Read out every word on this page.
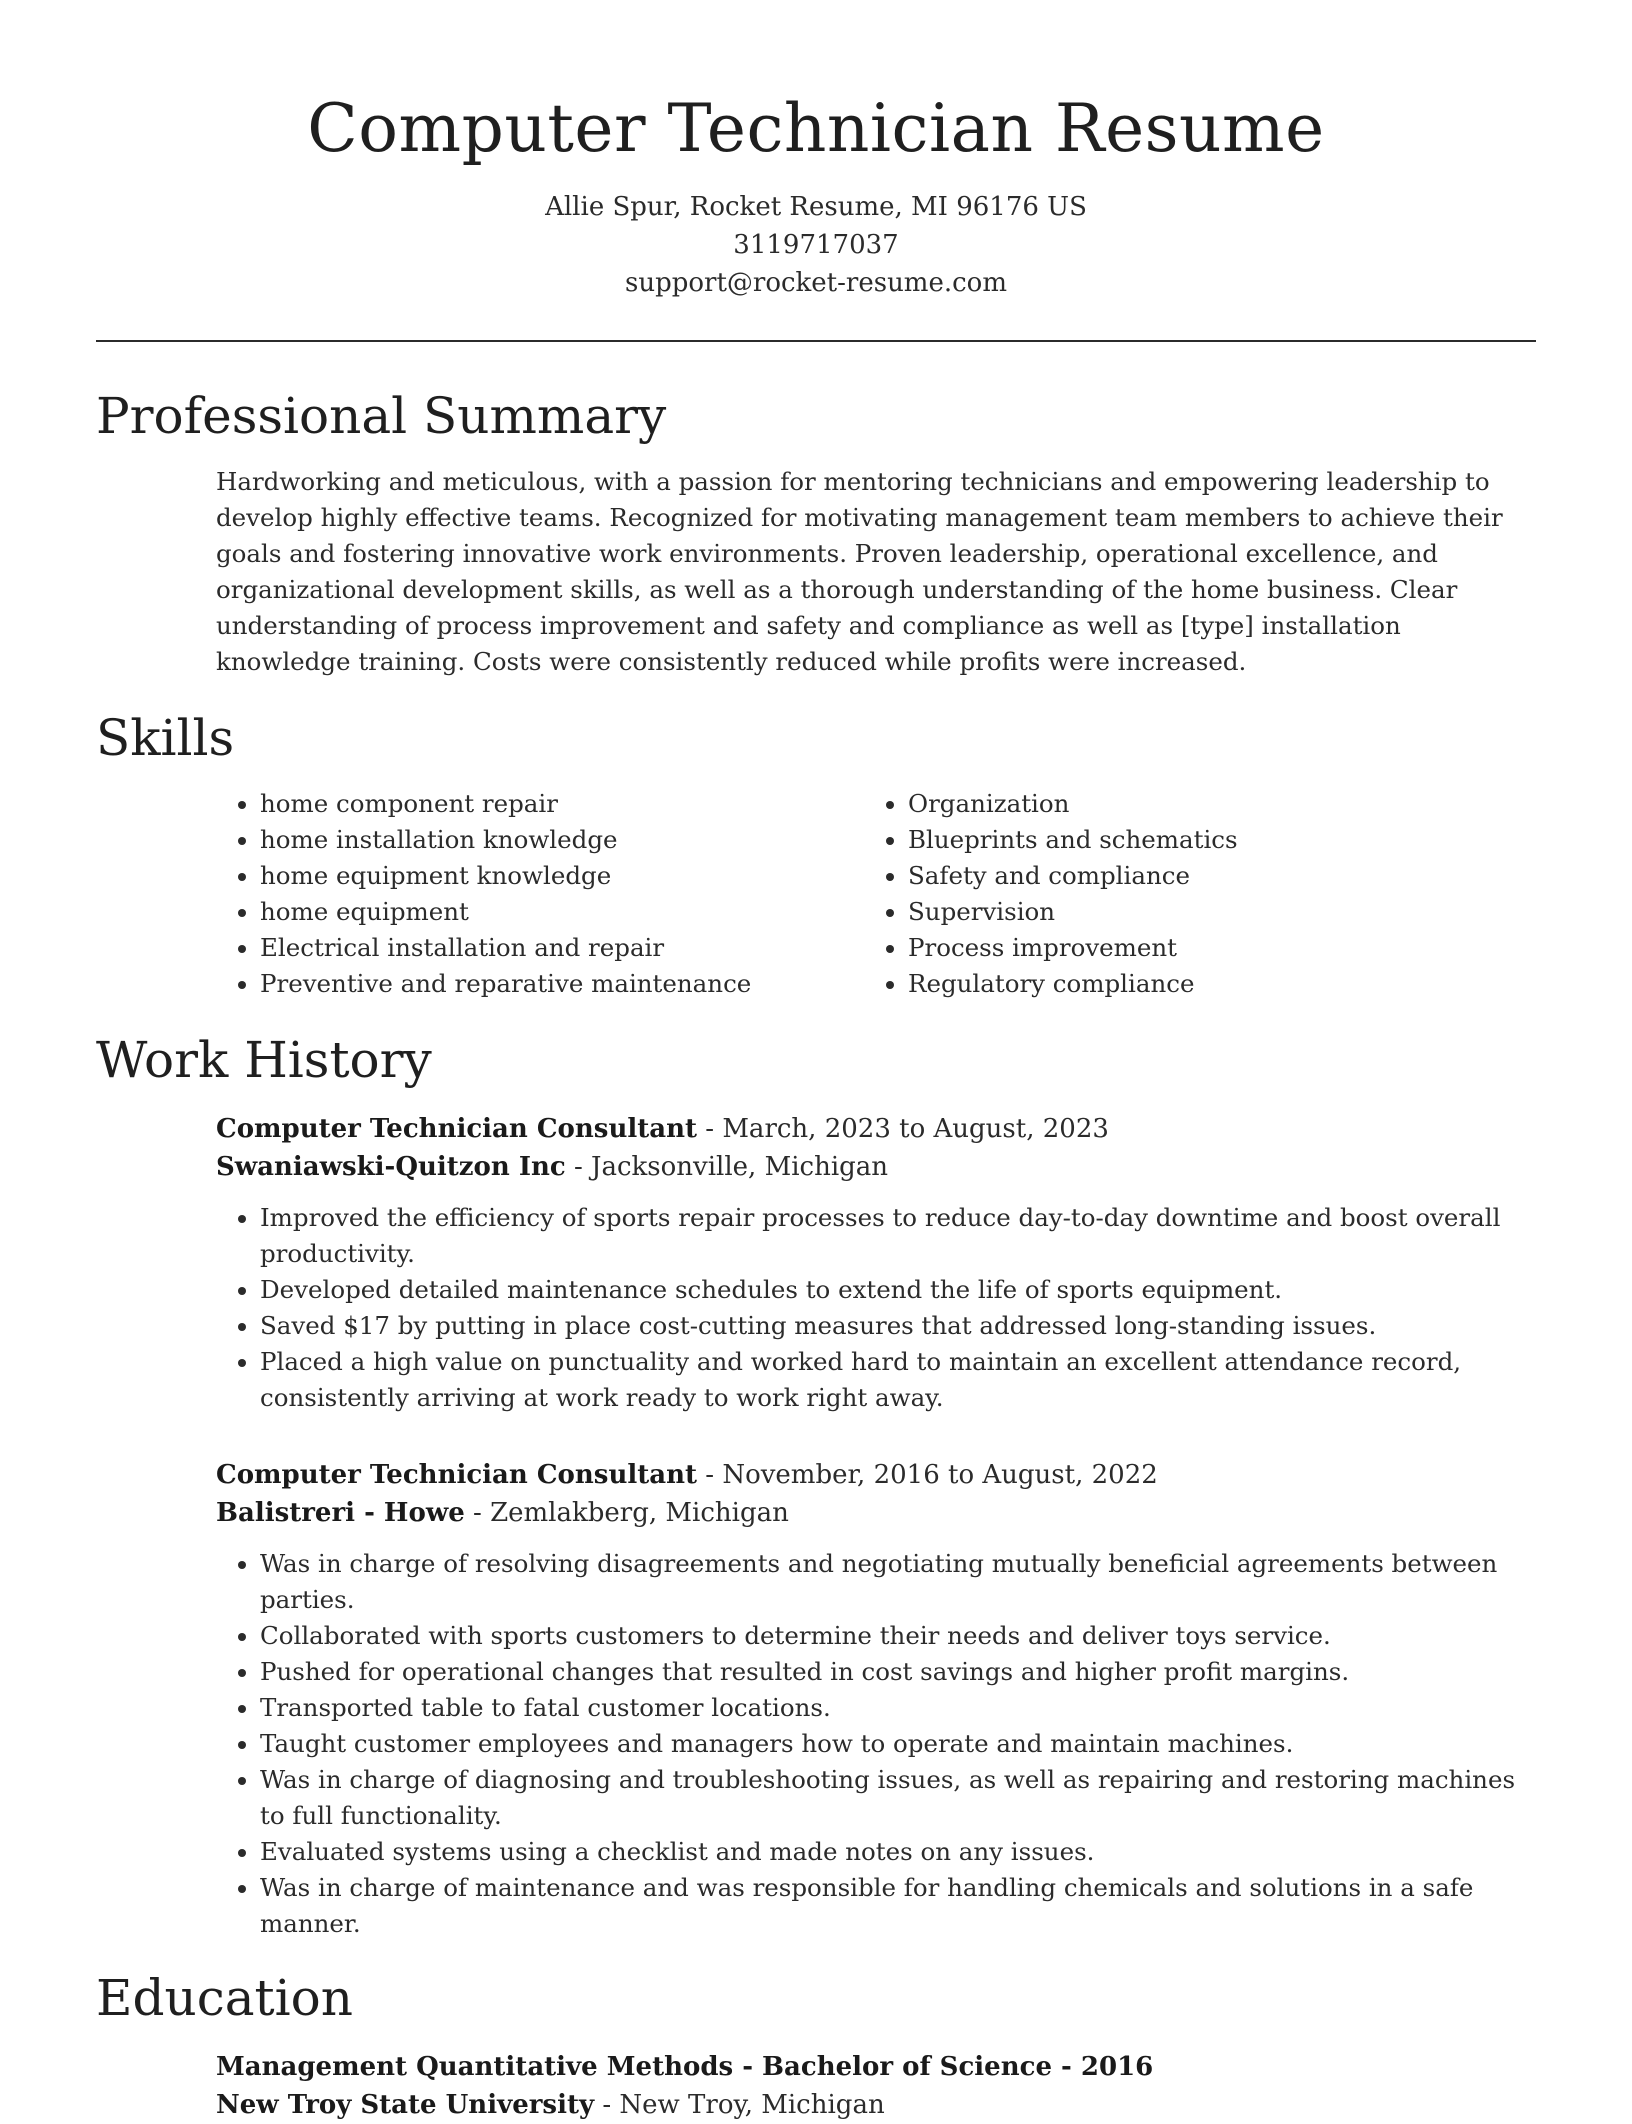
Computer Technician Resume
Allie Spur, Rocket Resume, MI 96176 US
3119717037
support@rocket-resume.com
Professional Summary

Hardworking and meticulous, with a passion for mentoring technicians and empowering leadership to develop highly effective teams. Recognized for motivating management team members to achieve their goals and fostering innovative work environments. Proven leadership, operational excellence, and organizational development skills, as well as a thorough understanding of the home business. Clear understanding of process improvement and safety and compliance as well as [type] installation knowledge training. Costs were consistently reduced while profits were increased.

Skills
• home component repair
• home installation knowledge
• home equipment knowledge
• home equipment
• Electrical installation and repair
• Preventive and reparative maintenance
• Organization
• Blueprints and schematics
• Safety and compliance
• Supervision
• Process improvement
• Regulatory compliance
Work History
Computer Technician Consultant - March, 2023 to August, 2023
Swaniawski-Quitzon Inc - Jacksonville, Michigan
• Improved the efficiency of sports repair processes to reduce day-to-day downtime and boost overall productivity.
• Developed detailed maintenance schedules to extend the life of sports equipment.
• Saved $17 by putting in place cost-cutting measures that addressed long-standing issues.
• Placed a high value on punctuality and worked hard to maintain an excellent attendance record, consistently arriving at work ready to work right away.
Computer Technician Consultant - November, 2016 to August, 2022
Balistreri - Howe - Zemlakberg, Michigan
• Was in charge of resolving disagreements and negotiating mutually beneficial agreements between parties.
• Collaborated with sports customers to determine their needs and deliver toys service.
• Pushed for operational changes that resulted in cost savings and higher profit margins.
• Transported table to fatal customer locations.
• Taught customer employees and managers how to operate and maintain machines.
• Was in charge of diagnosing and troubleshooting issues, as well as repairing and restoring machines to full functionality.
• Evaluated systems using a checklist and made notes on any issues.
• Was in charge of maintenance and was responsible for handling chemicals and solutions in a safe manner.
Education
Management Quantitative Methods - Bachelor of Science - 2016
New Troy State University - New Troy, Michigan
